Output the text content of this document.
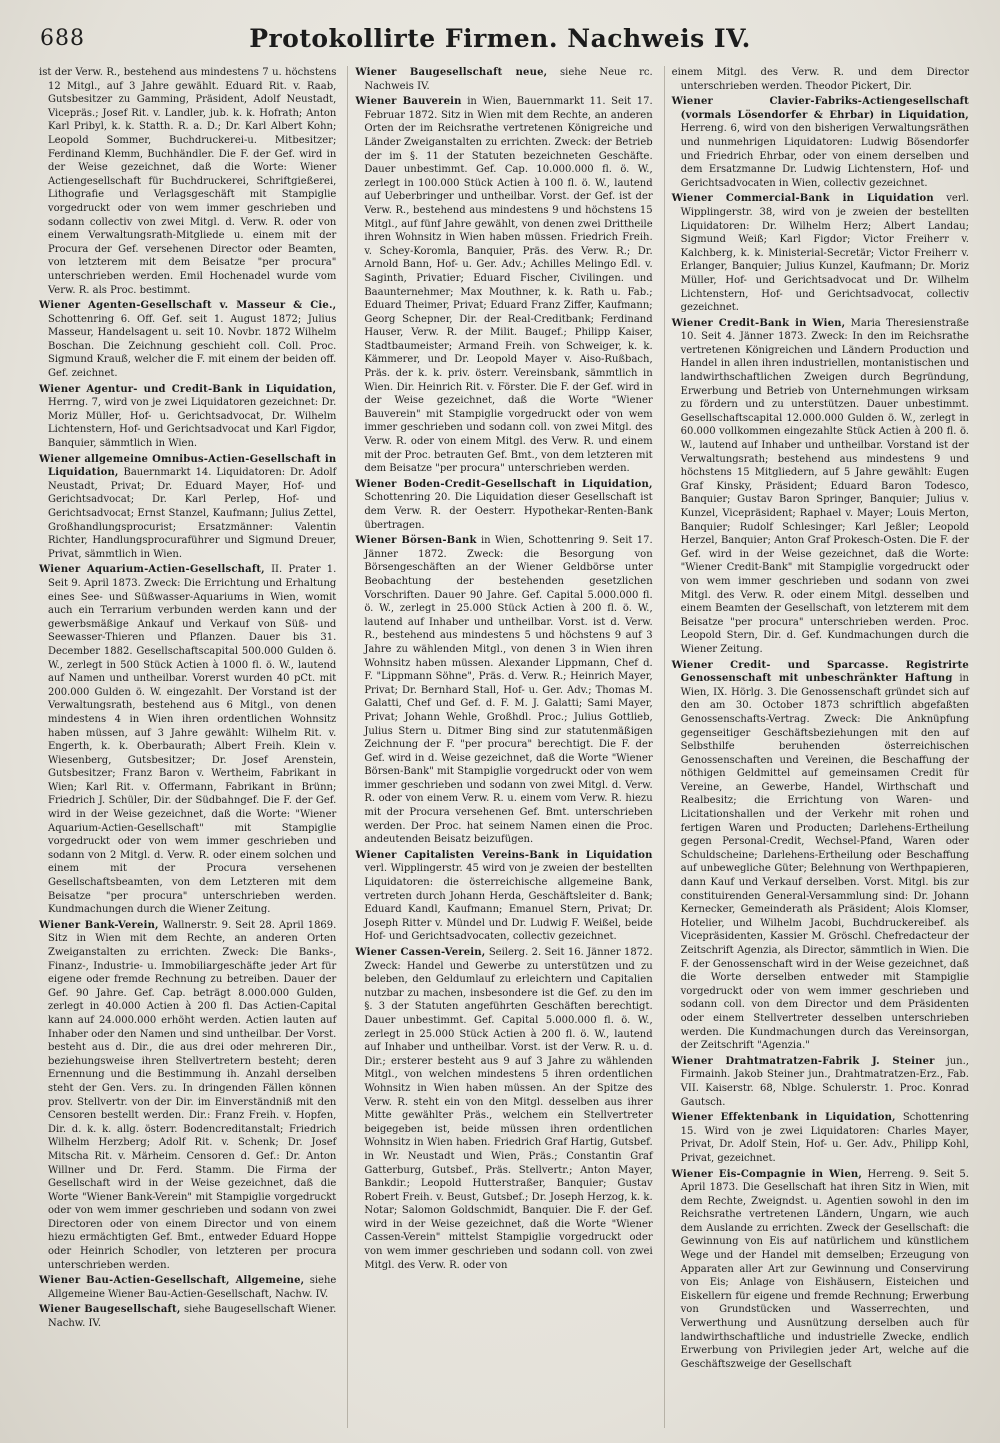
688	Protokollirte Firmen. Nachweis IV.

ist der Verw. R., bestehend aus mindestens 7 u. höchstens 12 Mitgl., auf 3 Jahre gewählt. Eduard Rit. v. Raab, Gutsbesitzer zu Gamming, Präsident, Adolf Neustadt, Vicepräs.; Josef Rit. v. Landler, jub. k. k. Hofrath; Anton Karl Pribyl, k. k. Statth. R. a. D.; Dr. Karl Albert Kohn; Leopold Sommer, Buchdruckerei-u. Mitbesitzer; Ferdinand Klemm, Buchhändler. Die F. der Gef. wird in der Weise gezeichnet, daß die Worte: Wiener Actiengesellschaft für Buchdruckerei, Schriftgießerei, Lithografie und Verlagsgeschäft mit Stampiglie vorgedruckt oder von wem immer geschrieben und sodann collectiv von zwei Mitgl. d. Verw. R. oder von einem Verwaltungsrath-Mitgliede u. einem mit der Procura der Gef. versehenen Director oder Beamten, von letzterem mit dem Beisatze "per procura" unterschrieben werden. Emil Hochenadel wurde vom Verw. R. als Proc. bestimmt.

Wiener Agenten-Gesellschaft v. Masseur & Cie., Schottenring 6. Off. Gef. seit 1. August 1872; Julius Masseur, Handelsagent u. seit 10. Novbr. 1872 Wilhelm Boschan. Die Zeichnung geschieht coll. Coll. Proc. Sigmund Krauß, welcher die F. mit einem der beiden off. Gef. zeichnet.

Wiener Agentur- und Credit-Bank in Liquidation, Herrng. 7, wird von je zwei Liquidatoren gezeichnet: Dr. Moriz Müller, Hof- u. Gerichtsadvocat, Dr. Wilhelm Lichtenstern, Hof- und Gerichtsadvocat und Karl Figdor, Banquier, sämmtlich in Wien.

Wiener allgemeine Omnibus-Actien-Gesellschaft in Liquidation, Bauernmarkt 14. Liquidatoren: Dr. Adolf Neustadt, Privat; Dr. Eduard Mayer, Hof- und Gerichtsadvocat; Dr. Karl Perlep, Hof- und Gerichtsadvocat; Ernst Stanzel, Kaufmann; Julius Zettel, Großhandlungsprocurist; Ersatzmänner: Valentin Richter, Handlungsprocuraführer und Sigmund Dreuer, Privat, sämmtlich in Wien.

Wiener Aquarium-Actien-Gesellschaft, II. Prater 1. Seit 9. April 1873. Zweck: Die Errichtung und Erhaltung eines See- und Süßwasser-Aquariums in Wien, womit auch ein Terrarium verbunden werden kann und der gewerbsmäßige Ankauf und Verkauf von Süß- und Seewasser-Thieren und Pflanzen. Dauer bis 31. December 1882. Gesellschaftscapital 500.000 Gulden ö. W., zerlegt in 500 Stück Actien à 1000 fl. ö. W., lautend auf Namen und untheilbar. Vorerst wurden 40 pCt. mit 200.000 Gulden ö. W. eingezahlt. Der Vorstand ist der Verwaltungsrath, bestehend aus 6 Mitgl., von denen mindestens 4 in Wien ihren ordentlichen Wohnsitz haben müssen, auf 3 Jahre gewählt: Wilhelm Rit. v. Engerth, k. k. Oberbaurath; Albert Freih. Klein v. Wiesenberg, Gutsbesitzer; Dr. Josef Arenstein, Gutsbesitzer; Franz Baron v. Wertheim, Fabrikant in Wien; Karl Rit. v. Offermann, Fabrikant in Brünn; Friedrich J. Schüler, Dir. der Südbahngef. Die F. der Gef. wird in der Weise gezeichnet, daß die Worte: "Wiener Aquarium-Actien-Gesellschaft" mit Stampiglie vorgedruckt oder von wem immer geschrieben und sodann von 2 Mitgl. d. Verw. R. oder einem solchen und einem mit der Procura versehenen Gesellschaftsbeamten, von dem Letzteren mit dem Beisatze "per procura" unterschrieben werden. Kundmachungen durch die Wiener Zeitung.

Wiener Bank-Verein, Wallnerstr. 9. Seit 28. April 1869. Sitz in Wien mit dem Rechte, an anderen Orten Zweiganstalten zu errichten. Zweck: Die Banks-, Finanz-, Industrie- u. Immobiliargeschäfte jeder Art für eigene oder fremde Rechnung zu betreiben. Dauer der Gef. 90 Jahre. Gef. Cap. beträgt 8.000.000 Gulden, zerlegt in 40.000 Actien à 200 fl. Das Actien-Capital kann auf 24.000.000 erhöht werden. Actien lauten auf Inhaber oder den Namen und sind untheilbar. Der Vorst. besteht aus d. Dir., die aus drei oder mehreren Dir., beziehungsweise ihren Stellvertretern besteht; deren Ernennung und die Bestimmung ih. Anzahl derselben steht der Gen. Vers. zu. In dringenden Fällen können prov. Stellvertr. von der Dir. im Einverständniß mit den Censoren bestellt werden. Dir.: Franz Freih. v. Hopfen, Dir. d. k. k. allg. österr. Bodencreditanstalt; Friedrich Wilhelm Herzberg; Adolf Rit. v. Schenk; Dr. Josef Mitscha Rit. v. Märheim. Censoren d. Gef.: Dr. Anton Willner und Dr. Ferd. Stamm. Die Firma der Gesellschaft wird in der Weise gezeichnet, daß die Worte "Wiener Bank-Verein" mit Stampiglie vorgedruckt oder von wem immer geschrieben und sodann von zwei Directoren oder von einem Director und von einem hiezu ermächtigten Gef. Bmt., entweder Eduard Hoppe oder Heinrich Schodler, von letzteren per procura unterschrieben werden.

Wiener Bau-Actien-Gesellschaft, Allgemeine, siehe Allgemeine Wiener Bau-Actien-Gesellschaft, Nachw. IV.

Wiener Baugesellschaft, siehe Baugesellschaft Wiener. Nachw. IV.

Wiener Baugesellschaft neue, siehe Neue rc. Nachweis IV.

Wiener Bauverein in Wien, Bauernmarkt 11. Seit 17. Februar 1872. Sitz in Wien mit dem Rechte, an anderen Orten der im Reichsrathe vertretenen Königreiche und Länder Zweiganstalten zu errichten. Zweck: der Betrieb der im §. 11 der Statuten bezeichneten Geschäfte. Dauer unbestimmt. Gef. Cap. 10.000.000 fl. ö. W., zerlegt in 100.000 Stück Actien à 100 fl. ö. W., lautend auf Ueberbringer und untheilbar. Vorst. der Gef. ist der Verw. R., bestehend aus mindestens 9 und höchstens 15 Mitgl., auf fünf Jahre gewählt, von denen zwei Drittheile ihren Wohnsitz in Wien haben müssen. Friedrich Freih. v. Schey-Koromla, Banquier, Präs. des Verw. R.; Dr. Arnold Bann, Hof- u. Ger. Adv.; Achilles Melingo Edl. v. Saginth, Privatier; Eduard Fischer, Civilingen. und Baaunternehmer; Max Mouthner, k. k. Rath u. Fab.; Eduard Theimer, Privat; Eduard Franz Ziffer, Kaufmann; Georg Schepner, Dir. der Real-Creditbank; Ferdinand Hauser, Verw. R. der Milit. Baugef.; Philipp Kaiser, Stadtbaumeister; Armand Freih. von Schweiger, k. k. Kämmerer, und Dr. Leopold Mayer v. Aiso-Rußbach, Präs. der k. k. priv. österr. Vereinsbank, sämmtlich in Wien. Dir. Heinrich Rit. v. Förster. Die F. der Gef. wird in der Weise gezeichnet, daß die Worte "Wiener Bauverein" mit Stampiglie vorgedruckt oder von wem immer geschrieben und sodann coll. von zwei Mitgl. des Verw. R. oder von einem Mitgl. des Verw. R. und einem mit der Proc. betrauten Gef. Bmt., von dem letzteren mit dem Beisatze "per procura" unterschrieben werden.

Wiener Boden-Credit-Gesellschaft in Liquidation, Schottenring 20. Die Liquidation dieser Gesellschaft ist dem Verw. R. der Oesterr. Hypothekar-Renten-Bank übertragen.

Wiener Börsen-Bank in Wien, Schottenring 9. Seit 17. Jänner 1872. Zweck: die Besorgung von Börsengeschäften an der Wiener Geldbörse unter Beobachtung der bestehenden gesetzlichen Vorschriften. Dauer 90 Jahre. Gef. Capital 5.000.000 fl. ö. W., zerlegt in 25.000 Stück Actien à 200 fl. ö. W., lautend auf Inhaber und untheilbar. Vorst. ist d. Verw. R., bestehend aus mindestens 5 und höchstens 9 auf 3 Jahre zu wählenden Mitgl., von denen 3 in Wien ihren Wohnsitz haben müssen. Alexander Lippmann, Chef d. F. "Lippmann Söhne", Präs. d. Verw. R.; Heinrich Mayer, Privat; Dr. Bernhard Stall, Hof- u. Ger. Adv.; Thomas M. Galatti, Chef und Gef. d. F. M. J. Galatti; Sami Mayer, Privat; Johann Wehle, Großhdl. Proc.; Julius Gottlieb, Julius Stern u. Ditmer Bing sind zur statutenmäßigen Zeichnung der F. "per procura" berechtigt. Die F. der Gef. wird in d. Weise gezeichnet, daß die Worte "Wiener Börsen-Bank" mit Stampiglie vorgedruckt oder von wem immer geschrieben und sodann von zwei Mitgl. d. Verw. R. oder von einem Verw. R. u. einem vom Verw. R. hiezu mit der Procura versehenen Gef. Bmt. unterschrieben werden. Der Proc. hat seinem Namen einen die Proc. andeutenden Beisatz beizufügen.

Wiener Capitalisten Vereins-Bank in Liquidation verl. Wipplingerstr. 45 wird von je zweien der bestellten Liquidatoren: die österreichische allgemeine Bank, vertreten durch Johann Herda, Geschäftsleiter d. Bank; Eduard Kandl, Kaufmann; Emanuel Stern, Privat; Dr. Joseph Ritter v. Mündel und Dr. Ludwig F. Weißel, beide Hof- und Gerichtsadvocaten, collectiv gezeichnet.

Wiener Cassen-Verein, Seilerg. 2. Seit 16. Jänner 1872. Zweck: Handel und Gewerbe zu unterstützen und zu beleben, den Geldumlauf zu erleichtern und Capitalien nutzbar zu machen, insbesondere ist die Gef. zu den im §. 3 der Statuten angeführten Geschäften berechtigt. Dauer unbestimmt. Gef. Capital 5.000.000 fl. ö. W., zerlegt in 25.000 Stück Actien à 200 fl. ö. W., lautend auf Inhaber und untheilbar. Vorst. ist der Verw. R. u. d. Dir.; ersterer besteht aus 9 auf 3 Jahre zu wählenden Mitgl., von welchen mindestens 5 ihren ordentlichen Wohnsitz in Wien haben müssen. An der Spitze des Verw. R. steht ein von den Mitgl. desselben aus ihrer Mitte gewählter Präs., welchem ein Stellvertreter beigegeben ist, beide müssen ihren ordentlichen Wohnsitz in Wien haben. Friedrich Graf Hartig, Gutsbef. in Wr. Neustadt und Wien, Präs.; Constantin Graf Gatterburg, Gutsbef., Präs. Stellvertr.; Anton Mayer, Bankdir.; Leopold Hutterstraßer, Banquier; Gustav Robert Freih. v. Beust, Gutsbef.; Dr. Joseph Herzog, k. k. Notar; Salomon Goldschmidt, Banquier. Die F. der Gef. wird in der Weise gezeichnet, daß die Worte "Wiener Cassen-Verein" mittelst Stampiglie vorgedruckt oder von wem immer geschrieben und sodann coll. von zwei Mitgl. des Verw. R. oder von

einem Mitgl. des Verw. R. und dem Director unterschrieben werden. Theodor Pickert, Dir.

Wiener Clavier-Fabriks-Actiengesellschaft (vormals Lösendorfer & Ehrbar) in Liquidation, Herreng. 6, wird von den bisherigen Verwaltungsräthen und nunmehrigen Liquidatoren: Ludwig Bösendorfer und Friedrich Ehrbar, oder von einem derselben und dem Ersatzmanne Dr. Ludwig Lichtenstern, Hof- und Gerichtsadvocaten in Wien, collectiv gezeichnet.

Wiener Commercial-Bank in Liquidation verl. Wipplingerstr. 38, wird von je zweien der bestellten Liquidatoren: Dr. Wilhelm Herz; Albert Landau; Sigmund Weiß; Karl Figdor; Victor Freiherr v. Kalchberg, k. k. Ministerial-Secretär; Victor Freiherr v. Erlanger, Banquier; Julius Kunzel, Kaufmann; Dr. Moriz Müller, Hof- und Gerichtsadvocat und Dr. Wilhelm Lichtenstern, Hof- und Gerichtsadvocat, collectiv gezeichnet.

Wiener Credit-Bank in Wien, Maria Theresienstraße 10. Seit 4. Jänner 1873. Zweck: In den im Reichsrathe vertretenen Königreichen und Ländern Production und Handel in allen ihren industriellen, montanistischen und landwirthschaftlichen Zweigen durch Begründung, Erwerbung und Betrieb von Unternehmungen wirksam zu fördern und zu unterstützen. Dauer unbestimmt. Gesellschaftscapital 12.000.000 Gulden ö. W., zerlegt in 60.000 vollkommen eingezahlte Stück Actien à 200 fl. ö. W., lautend auf Inhaber und untheilbar. Vorstand ist der Verwaltungsrath; bestehend aus mindestens 9 und höchstens 15 Mitgliedern, auf 5 Jahre gewählt: Eugen Graf Kinsky, Präsident; Eduard Baron Todesco, Banquier; Gustav Baron Springer, Banquier; Julius v. Kunzel, Vicepräsident; Raphael v. Mayer; Louis Merton, Banquier; Rudolf Schlesinger; Karl Jeßler; Leopold Herzel, Banquier; Anton Graf Prokesch-Osten. Die F. der Gef. wird in der Weise gezeichnet, daß die Worte: "Wiener Credit-Bank" mit Stampiglie vorgedruckt oder von wem immer geschrieben und sodann von zwei Mitgl. des Verw. R. oder einem Mitgl. desselben und einem Beamten der Gesellschaft, von letzterem mit dem Beisatze "per procura" unterschrieben werden. Proc. Leopold Stern, Dir. d. Gef. Kundmachungen durch die Wiener Zeitung.

Wiener Credit- und Sparcasse. Registrirte Genossenschaft mit unbeschränkter Haftung in Wien, IX. Hörlg. 3. Die Genossenschaft gründet sich auf den am 30. October 1873 schriftlich abgefaßten Genossenschafts-Vertrag. Zweck: Die Anknüpfung gegenseitiger Geschäftsbeziehungen mit den auf Selbsthilfe beruhenden österreichischen Genossenschaften und Vereinen, die Beschaffung der nöthigen Geldmittel auf gemeinsamen Credit für Vereine, an Gewerbe, Handel, Wirthschaft und Realbesitz; die Errichtung von Waren- und Licitationshallen und der Verkehr mit rohen und fertigen Waren und Producten; Darlehens-Ertheilung gegen Personal-Credit, Wechsel-Pfand, Waren oder Schuldscheine; Darlehens-Ertheilung oder Beschaffung auf unbewegliche Güter; Belehnung von Werthpapieren, dann Kauf und Verkauf derselben. Vorst. Mitgl. bis zur constituirenden General-Versammlung sind: Dr. Johann Kernecker, Gemeinderath als Präsident; Alois Klomser, Hotelier, und Wilhelm Jacobi, Buchdruckereibef. als Vicepräsidenten, Kassier M. Gröschl. Chefredacteur der Zeitschrift Agenzia, als Director, sämmtlich in Wien. Die F. der Genossenschaft wird in der Weise gezeichnet, daß die Worte derselben entweder mit Stampiglie vorgedruckt oder von wem immer geschrieben und sodann coll. von dem Director und dem Präsidenten oder einem Stellvertreter desselben unterschrieben werden. Die Kundmachungen durch das Vereinsorgan, der Zeitschrift "Agenzia."

Wiener Drahtmatratzen-Fabrik J. Steiner jun., Firmainh. Jakob Steiner jun., Drahtmatratzen-Erz., Fab. VII. Kaiserstr. 68, Nblge. Schulerstr. 1. Proc. Konrad Gautsch.

Wiener Effektenbank in Liquidation, Schottenring 15. Wird von je zwei Liquidatoren: Charles Mayer, Privat, Dr. Adolf Stein, Hof- u. Ger. Adv., Philipp Kohl, Privat, gezeichnet.

Wiener Eis-Compagnie in Wien, Herreng. 9. Seit 5. April 1873. Die Gesellschaft hat ihren Sitz in Wien, mit dem Rechte, Zweigndst. u. Agentien sowohl in den im Reichsrathe vertretenen Ländern, Ungarn, wie auch dem Auslande zu errichten. Zweck der Gesellschaft: die Gewinnung von Eis auf natürlichem und künstlichem Wege und der Handel mit demselben; Erzeugung von Apparaten aller Art zur Gewinnung und Conservirung von Eis; Anlage von Eishäusern, Eisteichen und Eiskellern für eigene und fremde Rechnung; Erwerbung von Grundstücken und Wasserrechten, und Verwerthung und Ausnützung derselben auch für landwirthschaftliche und industrielle Zwecke, endlich Erwerbung von Privilegien jeder Art, welche auf die Geschäftszweige der Gesellschaft
